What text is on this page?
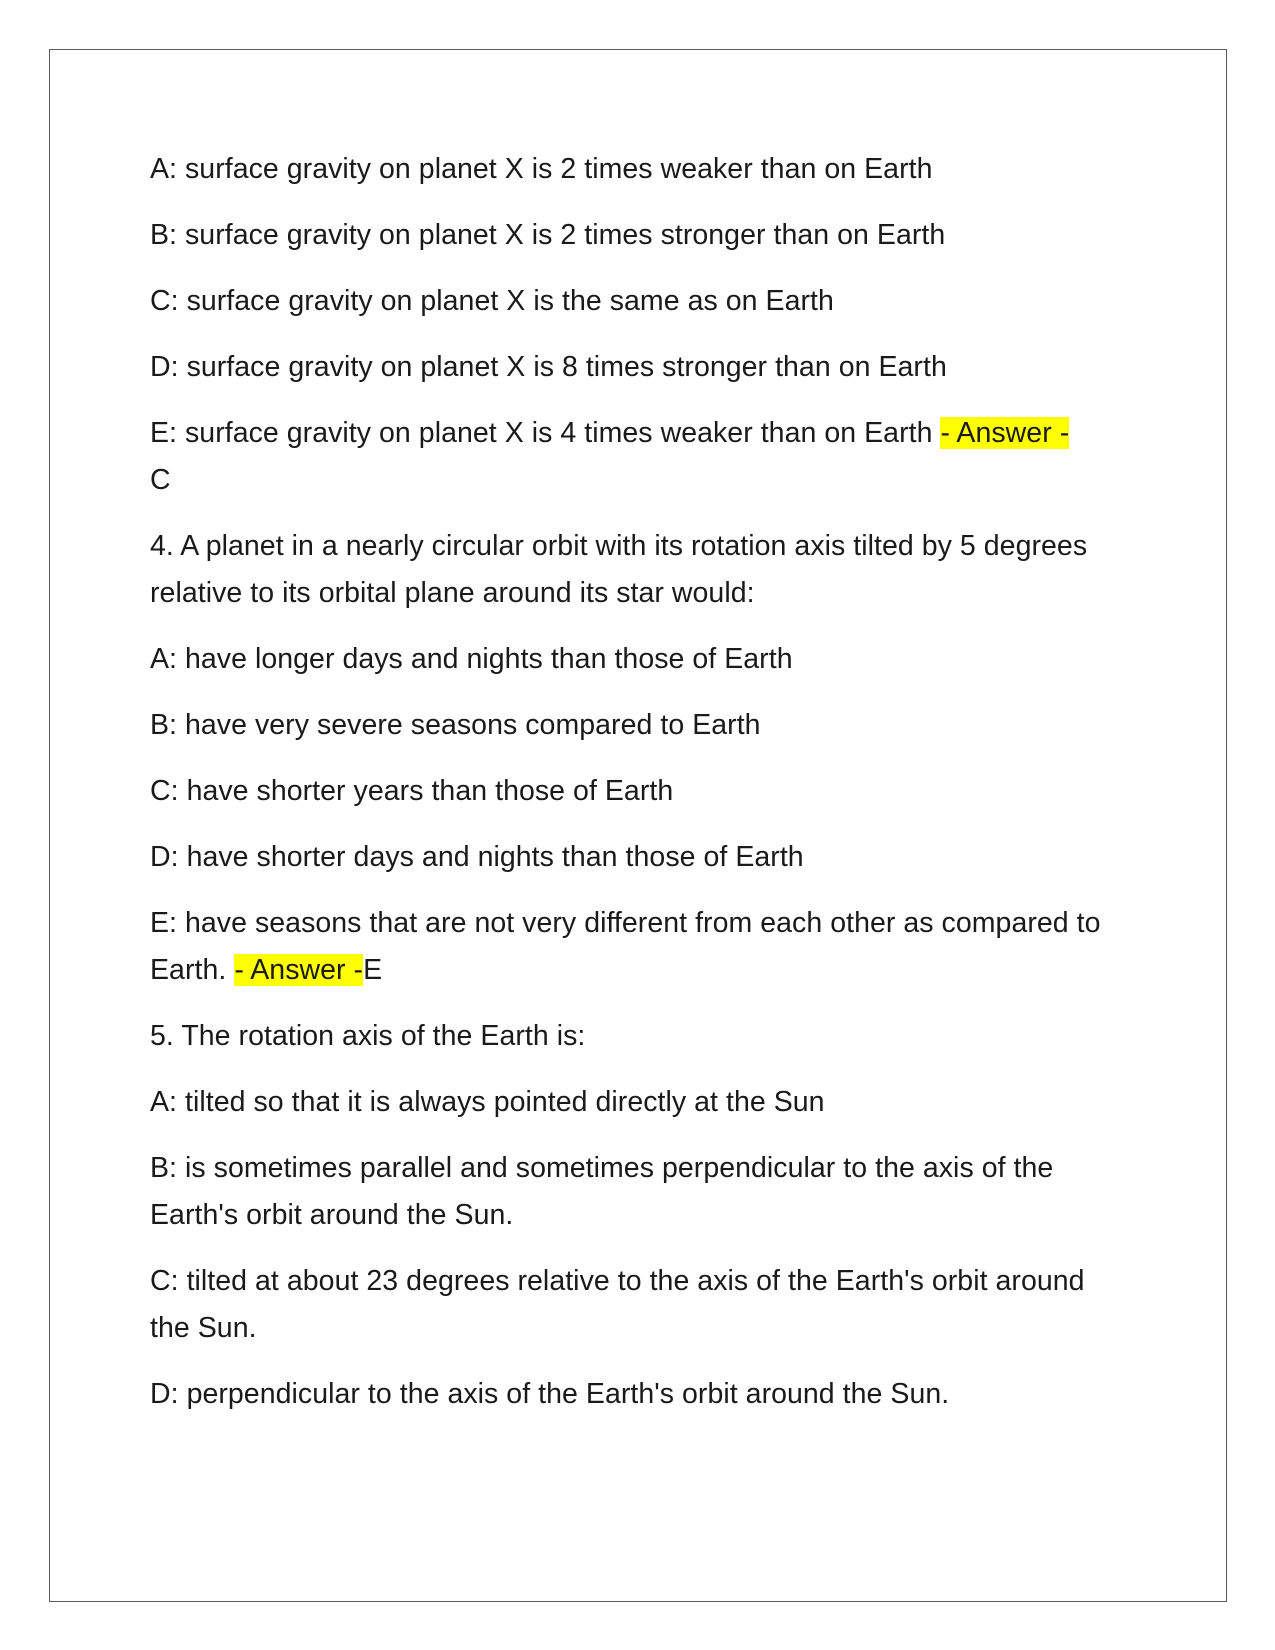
A: surface gravity on planet X is 2 times weaker than on Earth

B: surface gravity on planet X is 2 times stronger than on Earth

C: surface gravity on planet X is the same as on Earth

D: surface gravity on planet X is 8 times stronger than on Earth

E: surface gravity on planet X is 4 times weaker than on Earth - Answer -
C

4. A planet in a nearly circular orbit with its rotation axis tilted by 5 degrees relative to its orbital plane around its star would:

A: have longer days and nights than those of Earth

B: have very severe seasons compared to Earth

C: have shorter years than those of Earth

D: have shorter days and nights than those of Earth

E: have seasons that are not very different from each other as compared to Earth. - Answer -E

5. The rotation axis of the Earth is:

A: tilted so that it is always pointed directly at the Sun

B: is sometimes parallel and sometimes perpendicular to the axis of the Earth's orbit around the Sun.

C: tilted at about 23 degrees relative to the axis of the Earth's orbit around the Sun.

D: perpendicular to the axis of the Earth's orbit around the Sun.
